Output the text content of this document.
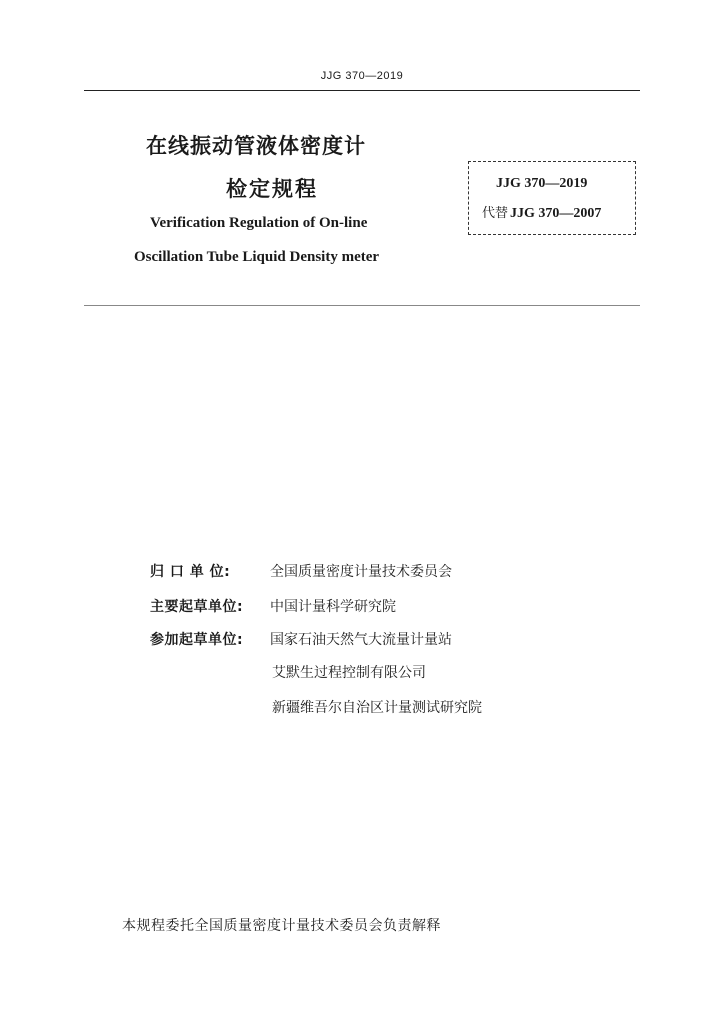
JJG 370—2019
在线振动管液体密度计
检定规程
Verification Regulation of On-line
Oscillation Tube Liquid Density meter
JJG 370—2019
代替 JJG 370—2007
归 口 单 位:	全国质量密度计量技术委员会
主要起草单位: 中国计量科学研究院
参加起草单位: 国家石油天然气大流量计量站
艾默生过程控制有限公司
新疆维吾尔自治区计量测试研究院
本规程委托全国质量密度计量技术委员会负责解释
